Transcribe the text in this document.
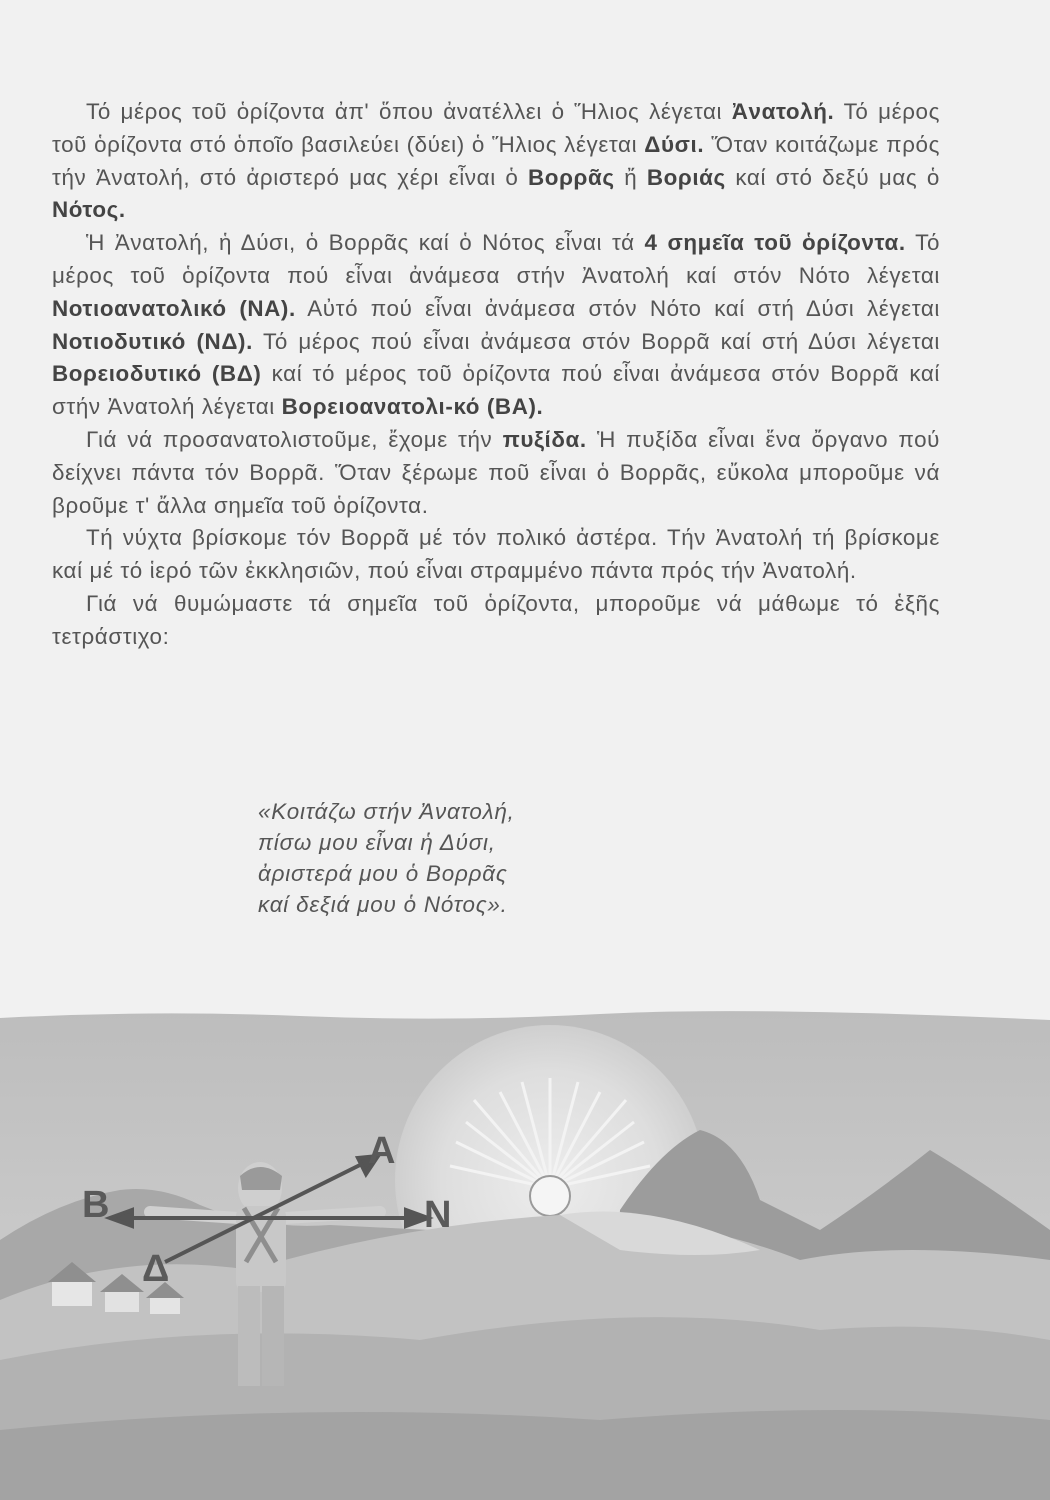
Τό μέρος τοῦ ὁρίζοντα ἀπ' ὅπου ἀνατέλλει ὁ Ἥλιος λέγεται Ἀνατολή. Τό μέρος τοῦ ὁρίζοντα στό ὁποῖο βασιλεύει (δύει) ὁ Ἥλιος λέγεται Δύσι. Ὅταν κοιτάζωμε πρός τήν Ἀνατολή, στό ἀριστερό μας χέρι εἶναι ὁ Βορρᾶς ἤ Βοριάς καί στό δεξύ μας ὁ Νότος.

Ἡ Ἀνατολή, ἡ Δύσι, ὁ Βορρᾶς καί ὁ Νότος εἶναι τά 4 σημεῖα τοῦ ὁρίζοντα. Τό μέρος τοῦ ὁρίζοντα πού εἶναι ἀνάμεσα στήν Ἀνατολή καί στόν Νότο λέγεται Νοτιοανατολικό (ΝΑ). Αὐτό πού εἶναι ἀνάμεσα στόν Νότο καί στή Δύσι λέγεται Νοτιοδυτικό (ΝΔ). Τό μέρος πού εἶναι ἀνάμεσα στόν Βορρᾶ καί στή Δύσι λέγεται Βορειοδυτικό (ΒΔ) καί τό μέρος τοῦ ὁρίζοντα πού εἶναι ἀνάμεσα στόν Βορρᾶ καί στήν Ἀνατολή λέγεται Βορειοανατολι-κό (ΒΑ).

Γιά νά προσανατολιστοῦμε, ἔχομε τήν πυξίδα. Ἡ πυξίδα εἶναι ἕνα ὄργανο πού δείχνει πάντα τόν Βορρᾶ. Ὅταν ξέρωμε ποῦ εἶναι ὁ Βορρᾶς, εὔκολα μποροῦμε νά βροῦμε τ' ἄλλα σημεῖα τοῦ ὁρίζοντα.

Τή νύχτα βρίσκομε τόν Βορρᾶ μέ τόν πολικό ἀστέρα. Τήν Ἀνατολή τή βρίσκομε καί μέ τό ἱερό τῶν ἐκκλησιῶν, πού εἶναι στραμμένο πάντα πρός τήν Ἀνατολή.

Γιά νά θυμώμαστε τά σημεῖα τοῦ ὁρίζοντα, μποροῦμε νά μάθωμε τό ἑξῆς τετράστιχο:

«Κοιτάζω στήν Ἀνατολή,
πίσω μου εἶναι ἡ Δύσι,
ἀριστερά μου ὁ Βορρᾶς
καί δεξιά μου ὁ Νότος».
Β
Α
Ν
Δ
